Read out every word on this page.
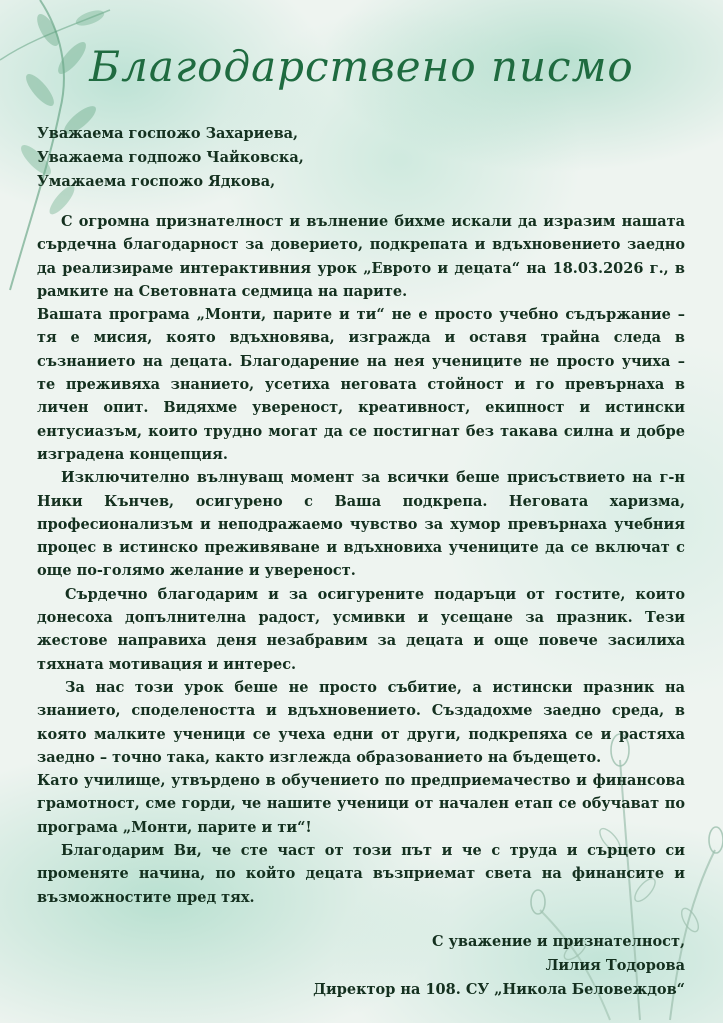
Благодарствено писмо
Уважаема госпожо Захариева,
Уважаема годпожо Чайковска,
Умажаема госпожо Ядкова,

С огромна признателност и вълнение бихме искали да изразим нашата сърдечна благодарност за доверието, подкрепата и вдъхновението заедно да реализираме интерактивния урок „Еврото и децата“ на 18.03.2026 г., в рамките на Световната седмица на парите.

Вашата програма „Монти, парите и ти“ не е просто учебно съдържание – тя е мисия, която вдъхновява, изгражда и оставя трайна следа в съзнанието на децата. Благодарение на нея учениците не просто учиха – те преживяха знанието, усетиха неговата стойност и го превърнаха в личен опит. Видяхме увереност, креативност, екипност и истински ентусиазъм, които трудно могат да се постигнат без такава силна и добре изградена концепция.

Изключително вълнуващ момент за всички беше присъствието на г-н Ники Кънчев, осигурено с Ваша подкрепа. Неговата харизма, професионализъм и неподражаемо чувство за хумор превърнаха учебния процес в истинско преживяване и вдъхновиха учениците да се включат с още по-голямо желание и увереност.

Сърдечно благодарим и за осигурените подаръци от гостите, които донесоха допълнителна радост, усмивки и усещане за празник. Тези жестове направиха деня незабравим за децата и още повече засилиха тяхната мотивация и интерес.

За нас този урок беше не просто събитие, а истински празник на знанието, споделеността и вдъхновението. Създадохме заедно среда, в която малките ученици се учеха едни от други, подкрепяха се и растяха заедно – точно така, както изглежда образованието на бъдещето.

Като училище, утвърдено в обучението по предприемачество и финансова грамотност, сме горди, че нашите ученици от начален етап се обучават по програма „Монти, парите и ти“!

Благодарим Ви, че сте част от този път и че с труда и сърцето си променяте начина, по който децата възприемат света на финансите и възможностите пред тях.

С уважение и признателност,
Лилия Тодорова
Директор на 108. СУ „Никола Беловеждов“
